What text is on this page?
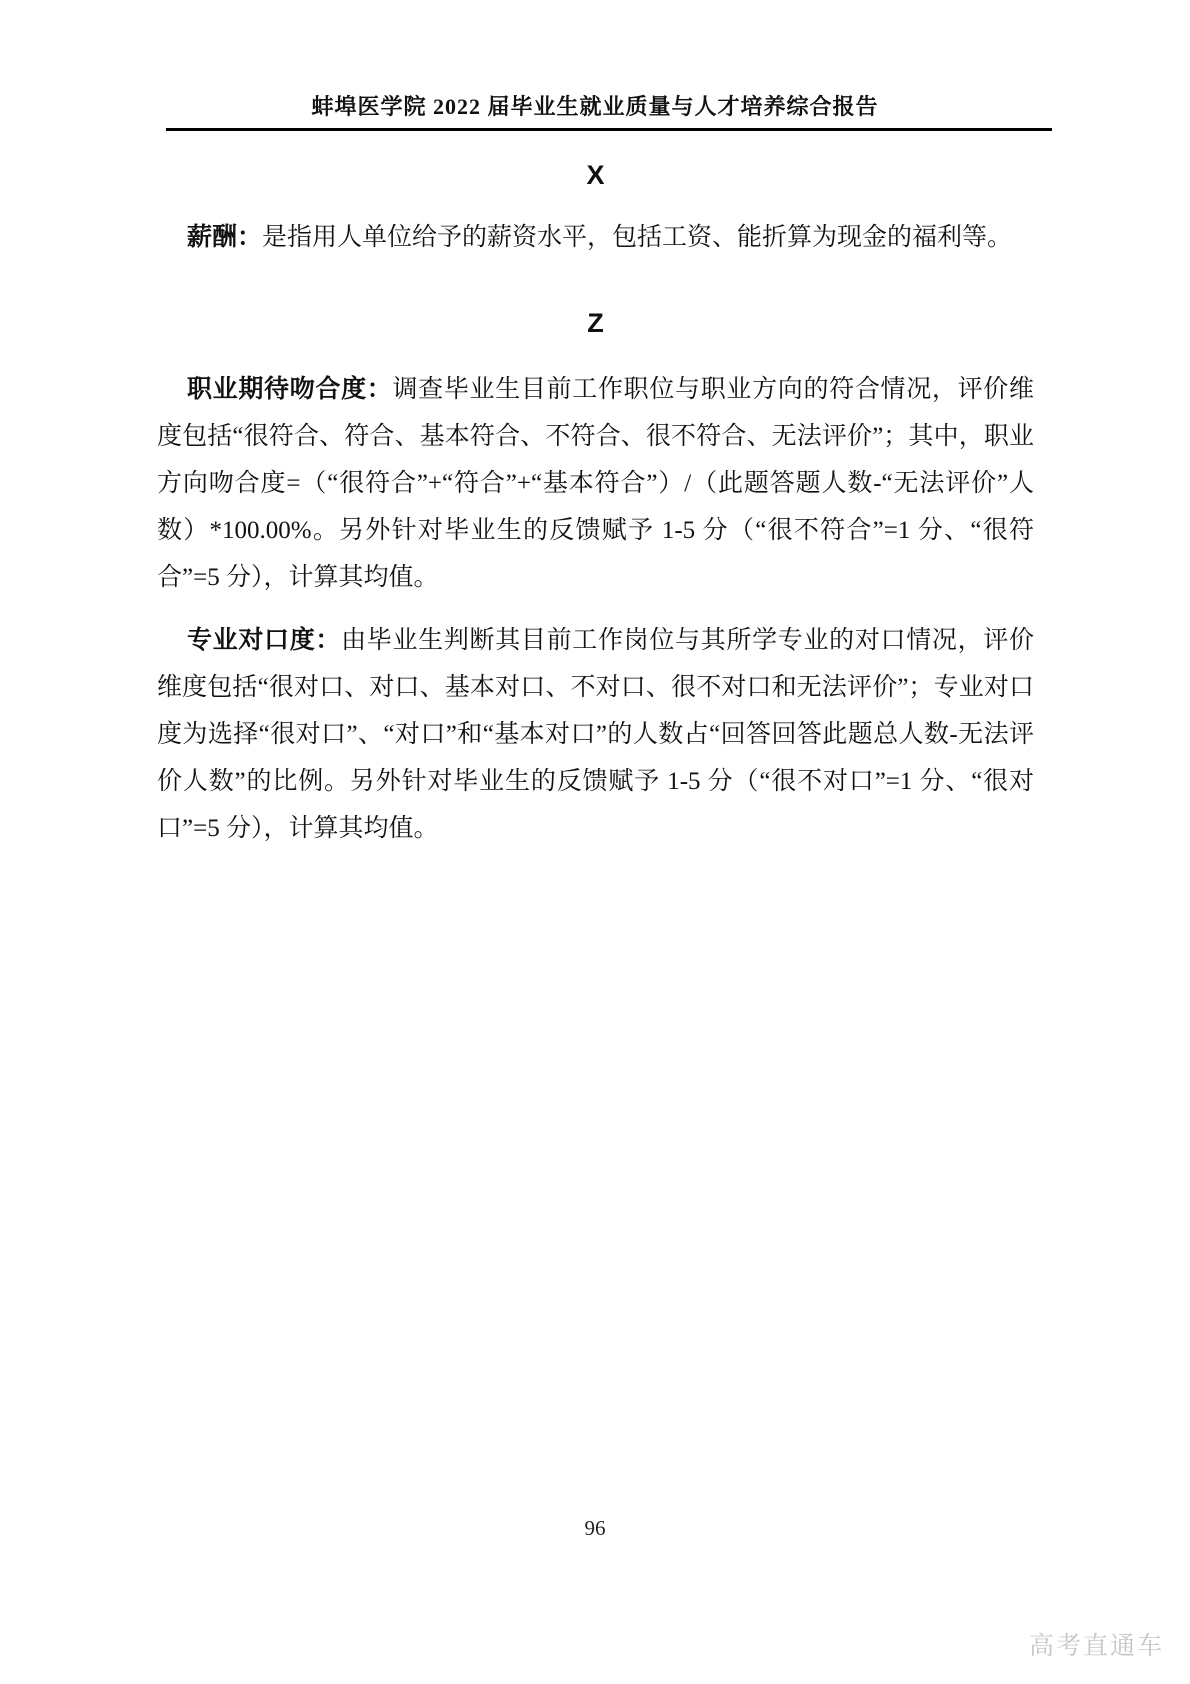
蚌埠医学院 2022 届毕业生就业质量与人才培养综合报告
X

薪酬：是指用人单位给予的薪资水平，包括工资、能折算为现金的福利等。

Z

职业期待吻合度：调查毕业生目前工作职位与职业方向的符合情况，评价维度包括“很符合、符合、基本符合、不符合、很不符合、无法评价”；其中，职业方向吻合度=（“很符合”+“符合”+“基本符合”）/（此题答题人数-“无法评价”人数）*100.00%。另外针对毕业生的反馈赋予 1-5 分（“很不符合”=1 分、“很符合”=5 分），计算其均值。

专业对口度：由毕业生判断其目前工作岗位与其所学专业的对口情况，评价维度包括“很对口、对口、基本对口、不对口、很不对口和无法评价”；专业对口度为选择“很对口”、“对口”和“基本对口”的人数占“回答回答此题总人数-无法评价人数”的比例。另外针对毕业生的反馈赋予 1-5 分（“很不对口”=1 分、“很对口”=5 分），计算其均值。

96
高考直通车
